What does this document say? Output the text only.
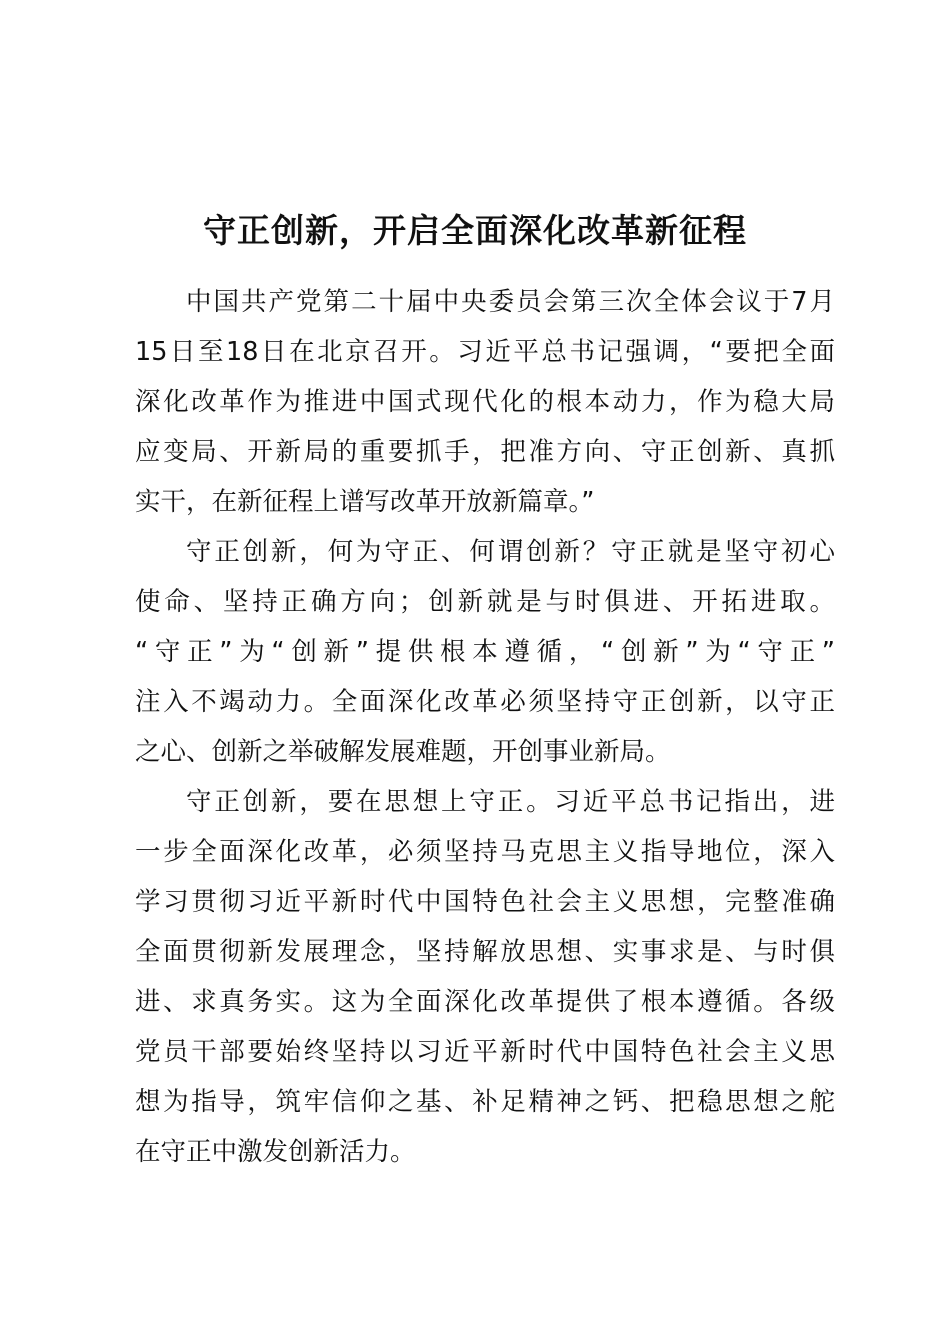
守正创新，开启全面深化改革新征程
中国共产党第二十届中央委员会第三次全体会议于7月
15日至18日在北京召开。习近平总书记强调，“要把全面
深化改革作为推进中国式现代化的根本动力，作为稳大局
应变局、开新局的重要抓手，把准方向、守正创新、真抓
实干，在新征程上谱写改革开放新篇章。”
守正创新，何为守正、何谓创新？守正就是坚守初心
使命、坚持正确方向；创新就是与时俱进、开拓进取。
“守正”为“创新”提供根本遵循，“创新”为“守正”
注入不竭动力。全面深化改革必须坚持守正创新，以守正
之心、创新之举破解发展难题，开创事业新局。
守正创新，要在思想上守正。习近平总书记指出，进
一步全面深化改革，必须坚持马克思主义指导地位，深入
学习贯彻习近平新时代中国特色社会主义思想，完整准确
全面贯彻新发展理念，坚持解放思想、实事求是、与时俱
进、求真务实。这为全面深化改革提供了根本遵循。各级
党员干部要始终坚持以习近平新时代中国特色社会主义思
想为指导，筑牢信仰之基、补足精神之钙、把稳思想之舵
在守正中激发创新活力。
